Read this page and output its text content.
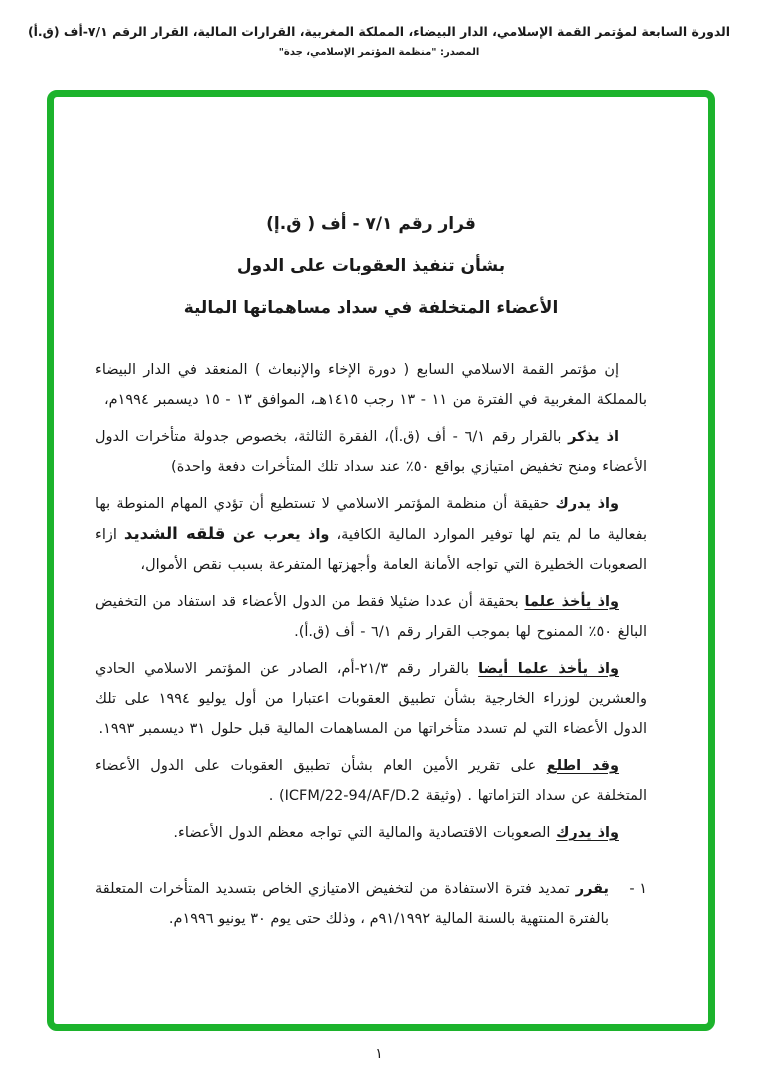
الدورة السابعة لمؤتمر القمة الإسلامي، الدار البيضاء، المملكة المغربية، القرارات المالية، القرار الرقم ٧/١-أف (ق.أ)
المصدر: "منظمة المؤتمر الإسلامي، جدة"
قرار رقم ٧/١ - أف ( ق.إ)
بشأن تنفيذ العقوبات على الدول
الأعضاء المتخلفة في سداد مساهماتها المالية
إن مؤتمر القمة الاسلامي السابع ( دورة الإخاء والإنبعاث ) المنعقد في الدار البيضاء بالمملكة المغربية في الفترة من ١١ - ١٣ رجب ١٤١٥هـ، الموافق ١٣ - ١٥ ديسمبر ١٩٩٤م،
اذ يذكر بالقرار رقم ٦/١ - أف (ق.أ)، الفقرة الثالثة، بخصوص جدولة متأخرات الدول الأعضاء ومنح تخفيض امتيازي بواقع ٥٠٪ عند سداد تلك المتأخرات دفعة واحدة)
واذ يدرك حقيقة أن منظمة المؤتمر الاسلامي لا تستطيع أن تؤدي المهام المنوطة بها بفعالية ما لم يتم لها توفير الموارد المالية الكافية، واذ يعرب عن قلقه الشديد ازاء الصعوبات الخطيرة التي تواجه الأمانة العامة وأجهزتها المتفرعة بسبب نقص الأموال،
واذ يأخذ علما بحقيقة أن عددا ضئيلا فقط من الدول الأعضاء قد استفاد من التخفيض البالغ ٥٠٪ الممنوح لها بموجب القرار رقم ٦/١ - أف (ق.أ).
واذ يأخذ علما أيضا بالقرار رقم ٢١/٣-أم، الصادر عن المؤتمر الاسلامي الحادي والعشرين لوزراء الخارجية بشأن تطبيق العقوبات اعتبارا من أول يوليو ١٩٩٤ على تلك الدول الأعضاء التي لم تسدد متأخراتها من المساهمات المالية قبل حلول ٣١ ديسمبر ١٩٩٣.
وقد اطلع على تقرير الأمين العام بشأن تطبيق العقوبات على الدول الأعضاء المتخلفة عن سداد التزاماتها . (وثيقة ICFM/22-94/AF/D.2) .
واذ يدرك الصعوبات الاقتصادية والمالية التي تواجه معظم الدول الأعضاء.
١ -
يقرر تمديد فترة الاستفادة من لتخفيض الامتيازي الخاص بتسديد المتأخرات المتعلقة بالفترة المنتهية بالسنة المالية ٩١/١٩٩٢م ، وذلك حتى يوم ٣٠ يونيو ١٩٩٦م.
١
